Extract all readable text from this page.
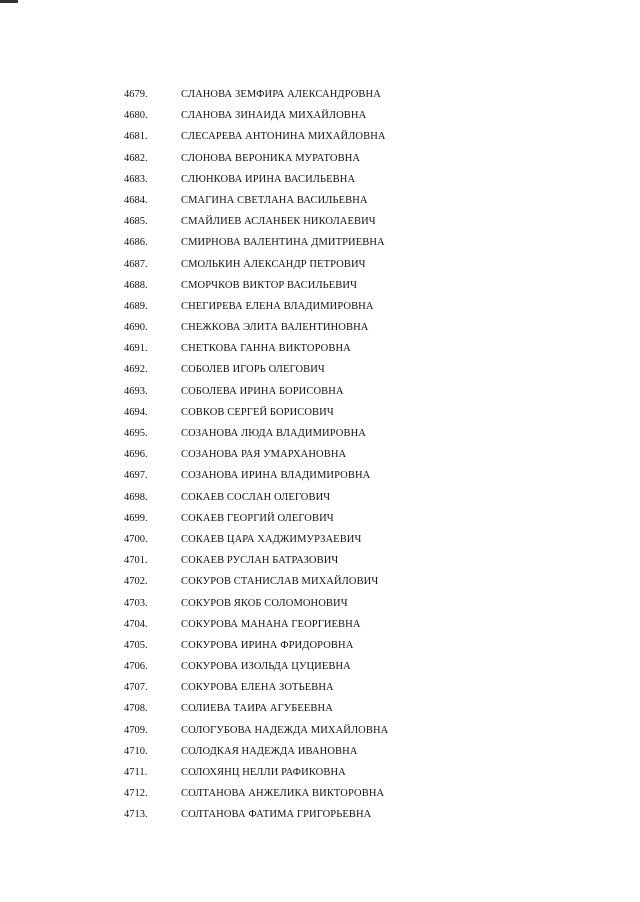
4679.	СЛАНОВА ЗЕМФИРА АЛЕКСАНДРОВНА
4680.	СЛАНОВА ЗИНАИДА МИХАЙЛОВНА
4681.	СЛЕСАРЕВА АНТОНИНА МИХАЙЛОВНА
4682.	СЛОНОВА ВЕРОНИКА МУРАТОВНА
4683.	СЛЮНКОВА ИРИНА ВАСИЛЬЕВНА
4684.	СМАГИНА СВЕТЛАНА ВАСИЛЬЕВНА
4685.	СМАЙЛИЕВ АСЛАНБЕК НИКОЛАЕВИЧ
4686.	СМИРНОВА ВАЛЕНТИНА ДМИТРИЕВНА
4687.	СМОЛЬКИН АЛЕКСАНДР ПЕТРОВИЧ
4688.	СМОРЧКОВ ВИКТОР ВАСИЛЬЕВИЧ
4689.	СНЕГИРЕВА ЕЛЕНА ВЛАДИМИРОВНА
4690.	СНЕЖКОВА ЭЛИТА ВАЛЕНТИНОВНА
4691.	СНЕТКОВА ГАННА ВИКТОРОВНА
4692.	СОБОЛЕВ ИГОРЬ ОЛЕГОВИЧ
4693.	СОБОЛЕВА ИРИНА БОРИСОВНА
4694.	СОВКОВ СЕРГЕЙ БОРИСОВИЧ
4695.	СОЗАНОВА ЛЮДА ВЛАДИМИРОВНА
4696.	СОЗАНОВА РАЯ УМАРХАНОВНА
4697.	СОЗАНОВА ИРИНА ВЛАДИМИРОВНА
4698.	СОКАЕВ СОСЛАН ОЛЕГОВИЧ
4699.	СОКАЕВ ГЕОРГИЙ ОЛЕГОВИЧ
4700.	СОКАЕВ ЦАРА ХАДЖИМУРЗАЕВИЧ
4701.	СОКАЕВ РУСЛАН БАТРАЗОВИЧ
4702.	СОКУРОВ СТАНИСЛАВ МИХАЙЛОВИЧ
4703.	СОКУРОВ ЯКОБ СОЛОМОНОВИЧ
4704.	СОКУРОВА МАНАНА ГЕОРГИЕВНА
4705.	СОКУРОВА ИРИНА ФРИДОРОВНА
4706.	СОКУРОВА ИЗОЛЬДА ЦУЦИЕВНА
4707.	СОКУРОВА ЕЛЕНА ЗОТЬЕВНА
4708.	СОЛИЕВА ТАИРА АГУБЕЕВНА
4709.	СОЛОГУБОВА НАДЕЖДА МИХАЙЛОВНА
4710.	СОЛОДКАЯ НАДЕЖДА ИВАНОВНА
4711.	СОЛОХЯНЦ НЕЛЛИ РАФИКОВНА
4712.	СОЛТАНОВА АНЖЕЛИКА ВИКТОРОВНА
4713.	СОЛТАНОВА ФАТИМА ГРИГОРЬЕВНА
